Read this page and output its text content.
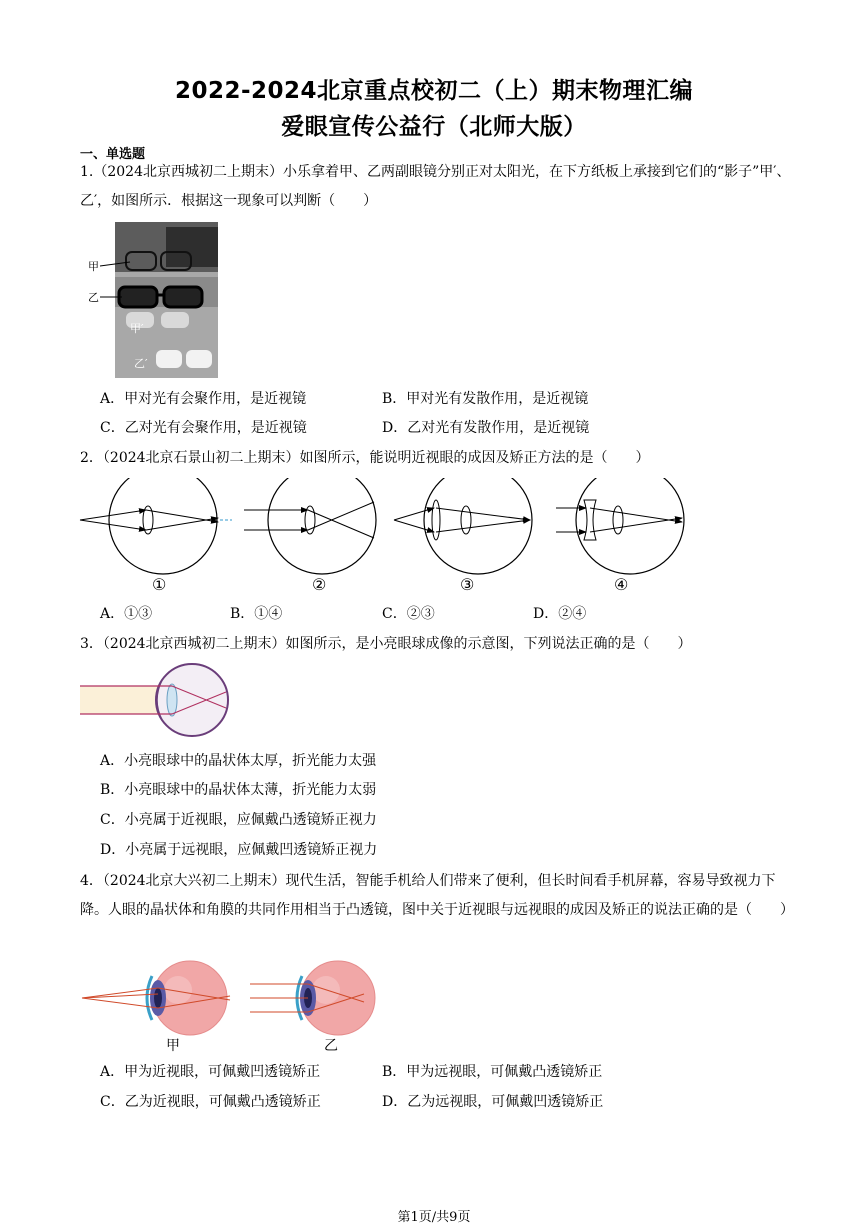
2022-2024北京重点校初二（上）期末物理汇编
爱眼宣传公益行（北师大版）
一、单选题
1.（2024北京西城初二上期末）小乐拿着甲、乙两副眼镜分别正对太阳光，在下方纸板上承接到它们的“影子”甲′、乙′，如图所示．根据这一现象可以判断（　　）
甲
乙
甲′
乙′
A．甲对光有会聚作用，是近视镜	B．甲对光有发散作用，是近视镜
C．乙对光有会聚作用，是近视镜	D．乙对光有发散作用，是近视镜
2．（2024北京石景山初二上期末）如图所示，能说明近视眼的成因及矫正方法的是（　　）
①	②	③	④
A．①③	B．①④	C．②③	D．②④
3．（2024北京西城初二上期末）如图所示，是小亮眼球成像的示意图，下列说法正确的是（　　）
A．小亮眼球中的晶状体太厚，折光能力太强
B．小亮眼球中的晶状体太薄，折光能力太弱
C．小亮属于近视眼，应佩戴凸透镜矫正视力
D．小亮属于远视眼，应佩戴凹透镜矫正视力
4．（2024北京大兴初二上期末）现代生活，智能手机给人们带来了便利，但长时间看手机屏幕，容易导致视力下降。人眼的晶状体和角膜的共同作用相当于凸透镜，图中关于近视眼与远视眼的成因及矫正的说法正确的是（　　）
甲	乙
A．甲为近视眼，可佩戴凹透镜矫正	B．甲为远视眼，可佩戴凸透镜矫正
C．乙为近视眼，可佩戴凸透镜矫正	D．乙为远视眼，可佩戴凹透镜矫正
第1页/共9页
